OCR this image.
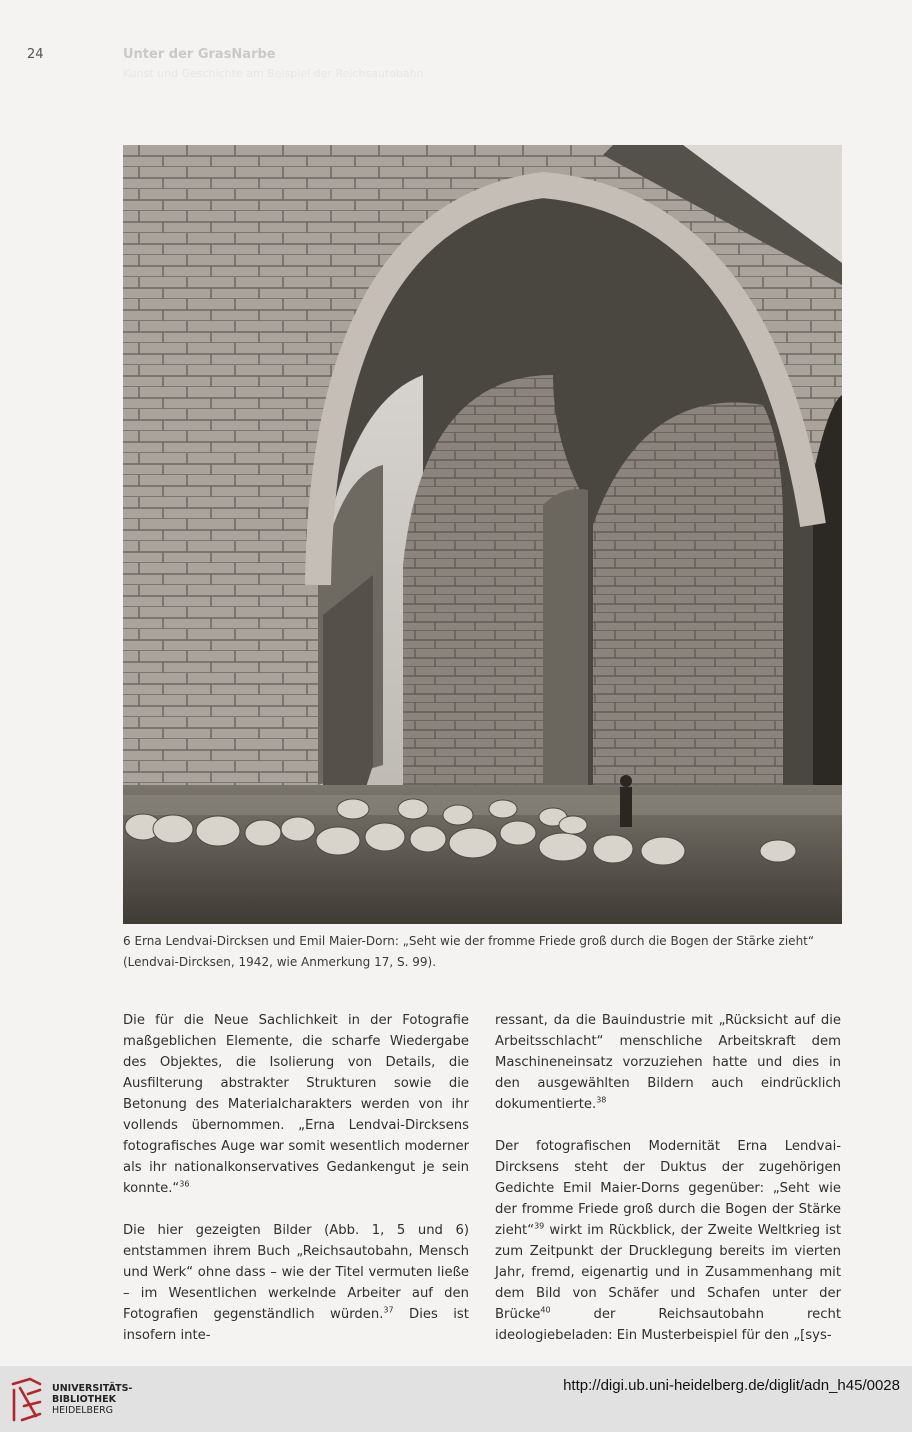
24	Unter der GrasNarbe
Kunst und Geschichte am Beispiel der Reichsautobahn
6 Erna Lendvai-Dircksen und Emil Maier-Dorn: „Seht wie der fromme Friede groß durch die Bogen der Stärke zieht“ (Lendvai-Dircksen, 1942, wie Anmerkung 17, S. 99).

Die für die Neue Sachlichkeit in der Fotografie maßgeblichen Elemente, die scharfe Wiedergabe des Objektes, die Isolierung von Details, die Ausfilterung abstrakter Strukturen sowie die Betonung des Materialcharakters werden von ihr vollends übernommen. „Erna Lendvai-Dircksens fotografisches Auge war somit wesentlich moderner als ihr nationalkonservatives Gedankengut je sein konnte.“$^{36}$

Die hier gezeigten Bilder (Abb. 1, 5 und 6) entstammen ihrem Buch „Reichsautobahn, Mensch und Werk“ ohne dass – wie der Titel vermuten ließe – im Wesentlichen werkelnde Arbeiter auf den Fotografien gegenständlich würden.$^{37}$ Dies ist insofern inte-

ressant, da die Bauindustrie mit „Rücksicht auf die Arbeitsschlacht“ menschliche Arbeitskraft dem Maschineneinsatz vorzuziehen hatte und dies in den ausgewählten Bildern auch eindrücklich dokumentierte.$^{38}$

Der fotografischen Modernität Erna Lendvai-Dircksens steht der Duktus der zugehörigen Gedichte Emil Maier-Dorns gegenüber: „Seht wie der fromme Friede groß durch die Bogen der Stärke zieht“$^{39}$ wirkt im Rückblick, der Zweite Weltkrieg ist zum Zeitpunkt der Drucklegung bereits im vierten Jahr, fremd, eigenartig und in Zusammenhang mit dem Bild von Schäfer und Schafen unter der Brücke$^{40}$ der Reichsautobahn recht ideologiebeladen: Ein Musterbeispiel für den „[sys-

UNIVERSITÄTS-
BIBLIOTHEK
HEIDELBERG
http://digi.ub.uni-heidelberg.de/diglit/adn_h45/0028
